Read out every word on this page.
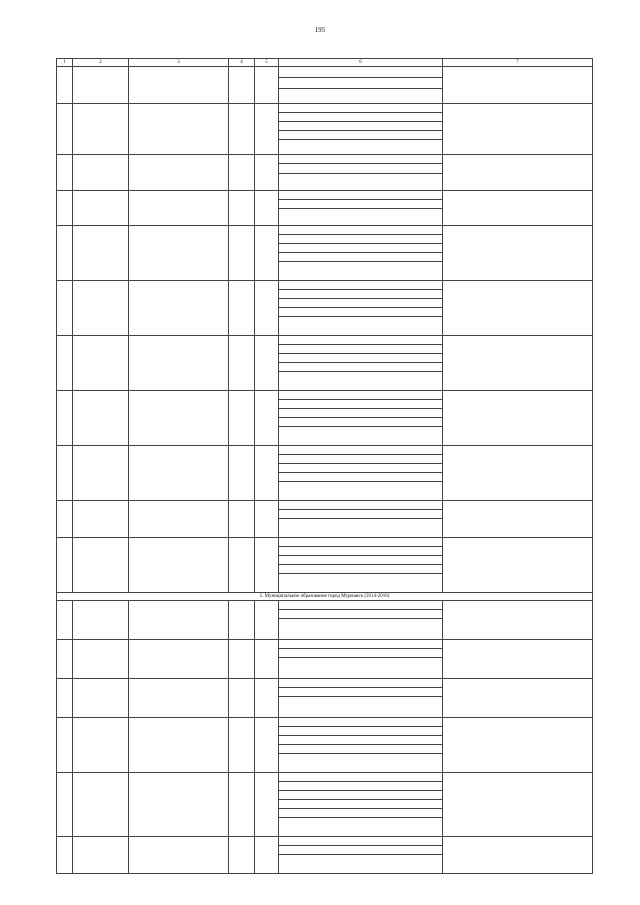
195
1	2	3	4	5	6	7

5. Муниципальное образование город Мурманск (2014-2016)						
